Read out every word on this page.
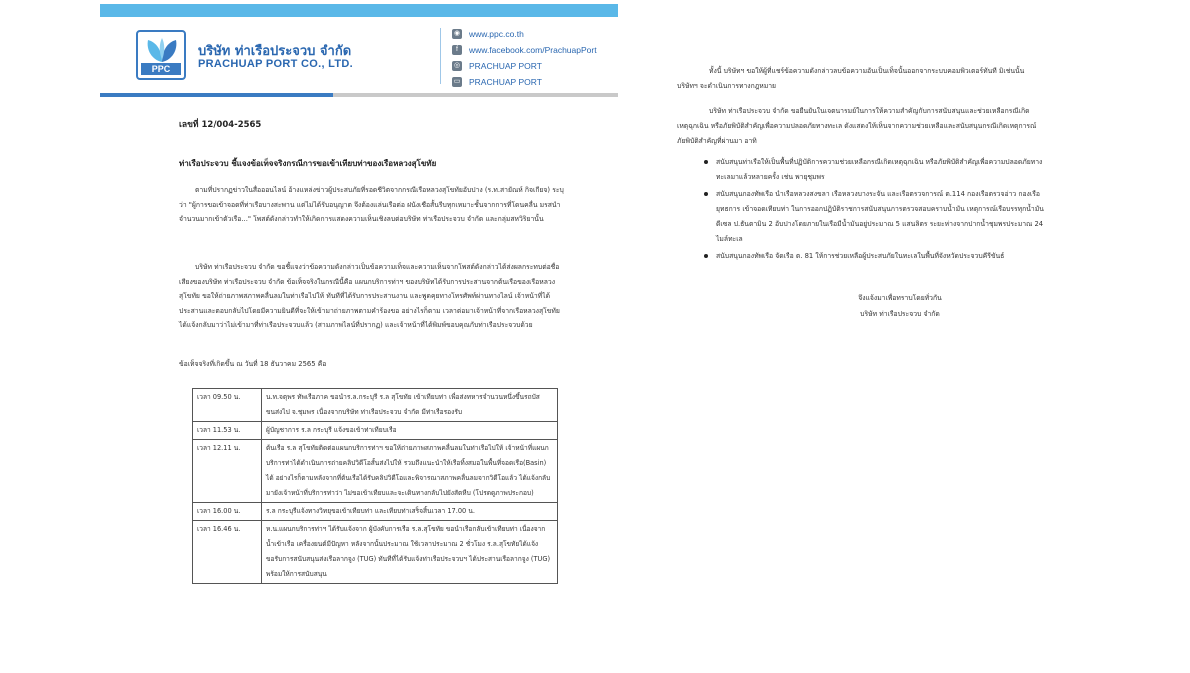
PPC
บริษัท ท่าเรือประจวบ จำกัด
PRACHUAP PORT CO., LTD.
◉ www.ppc.co.th
f	www.facebook.com/PrachuapPort
◎ PRACHUAP PORT
▭ PRACHUAP PORT
เลขที่ 12/004-2565
ท่าเรือประจวบ ชี้แจงข้อเท็จจริงกรณีการขอเข้าเทียบท่าของเรือหลวงสุโขทัย
ตามที่ปรากฏข่าวในสื่อออนไลน์ อ้างแหล่งข่าวผู้ประสบภัยที่รอดชีวิตจากกรณีเรือหลวงสุโขทัยอับปาง (ร.ท.สายัณห์ กิจเกียจ) ระบุว่า "ผู้การขอเข้าจอดที่ท่าเรือบางสะพาน แต่ไม่ได้รับอนุญาต จึงต้องแล่นเรือต่อ ฝนังเชือสั้นรีบทุกเหมาะชั้นจากการที่โดนคลื่น มรสนำจำนวนมากเข้าตัวเรือ..." โพสต์ดังกล่าวทำให้เกิดการแสดงความเห็นเชิงลบต่อบริษัท ท่าเรือประจวบ จำกัด และกลุ่มสหวิริยานั้น
บริษัท ท่าเรือประจวบ จำกัด ขอชี้แจงว่าข้อความดังกล่าวเป็นข้อความเท็จและความเห็นจากโพสต์ดังกล่าวได้ส่งผลกระทบต่อชื่อเสียงของบริษัท ท่าเรือประจวบ จำกัด ข้อเท็จจริงในกรณีนี้คือ แผนกบริการท่าฯ ของบริษัทได้รับการประสานจากต้นเรือของเรือหลวงสุโขทัย ขอให้ถ่ายภาพสภาพคลื่นลมในท่าเรือไปให้ ทันทีที่ได้รับการประสานงาน และพูดคุยทางโทรศัพท์ผ่านทางไลน์ เจ้าหน้าที่ได้ประสานและตอบกลับไปโดยมีความยินดีที่จะให้เข้ามาถ่ายภาพตามคำร้องขอ อย่างไรก็ตาม เวลาต่อมาเจ้าหน้าที่จากเรือหลวงสุโขทัย ได้แจ้งกลับมาว่าไม่เข้ามาที่ท่าเรือประจวบแล้ว (สามภาพไลน์ที่ปรากฏ) และเจ้าหน้าที่ได้พิมพ์ขอบคุณกับท่าเรือประจวบด้วย
ข้อเท็จจริงที่เกิดขึ้น ณ วันที่ 18 ธันวาคม 2565 คือ
เวลา 09.50 น.	น.ท.จตุพร ทัพเรือภาค ขอนำร.ล.กระบุรี ร.ล สุโขทัย เข้าเทียบท่า เพื่อส่งทหารจำนวนหนึ่งขึ้นรถบัสขนส่งไป จ.ชุมพร เนื่องจากบริษัท ท่าเรือประจวบ จำกัด มีท่าเรือรองรับ
เวลา 11.53 น.	ผู้บัญชาการ ร.ล กระบุรี แจ้งขอเข้าท่าเทียบเรือ
เวลา 12.11 น.	ต้นเรือ ร.ล สุโขทัยติดต่อแผนกบริการท่าฯ ขอให้ถ่ายภาพสภาพคลื่นลมในท่าเรือไปให้ เจ้าหน้าที่แผนกบริการท่าได้ดำเนินการถ่ายคลิปวิดีโอสั้นส่งไปให้ รวมถึงแนะนำให้เรือทิ้งสมอในพื้นที่จอดเรือ(Basin) ได้ อย่างไรก็ตามหลังจากที่ต้นเรือได้รับคลิปวิดีโอและพิจารณาสภาพคลื่นลมจากวิดีโอแล้ว ได้แจ้งกลับมายังเจ้าหน้าที่บริการท่าว่า ไม่ขอเข้าเทียบและจะเดินทางกลับไปยังสัตหีบ (โปรดดูภาพประกอบ)
เวลา 16.00 น.	ร.ล กระบุรีแจ้งทางวิทยุขอเข้าเทียบท่า และเทียบท่าเสร็จสิ้นเวลา 17.00 น.
เวลา 16.46 น.	ห.น.แผนกบริการท่าฯ ได้รับแจ้งจาก ผู้บังคับการเรือ ร.ล.สุโขทัย ขอนำเรือกลับเข้าเทียบท่า เนื่องจากน้ำเข้าเรือ เครื่องยนต์มีปัญหา หลังจากนั้นประมาณ ใช้เวลาประมาณ 2 ชั่วโมง ร.ล.สุโขทัยได้แจ้งขอรับการสนับสนุนส่งเรือลากจูง (TUG) ทันทีที่ได้รับแจ้งท่าเรือประจวบฯ ได้ประสานเรือลากจูง (TUG) พร้อมให้การสนับสนุน
ทั้งนี้ บริษัทฯ ขอให้ผู้ที่แชร์ข้อความดังกล่าวลบข้อความอันเป็นเท็จนั้นออกจากระบบคอมพิวเตอร์ทันที มิเช่นนั้น บริษัทฯ จะดำเนินการทางกฎหมาย
บริษัท ท่าเรือประจวบ จำกัด ขอยืนยันในเจตนารมย์ในการให้ความสำคัญกับการสนับสนุนและช่วยเหลือกรณีเกิดเหตุฉุกเฉิน หรือภัยพิบัติสำคัญเพื่อความปลอดภัยทางทะเล ดังแสดงให้เห็นจากความช่วยเหลือและสนับสนุนกรณีเกิดเหตุการณ์ภัยพิบัติสำคัญที่ผ่านมา อาทิ
สนับสนุนท่าเรือให้เป็นพื้นที่ปฏิบัติการความช่วยเหลือกรณีเกิดเหตุฉุกเฉิน หรือภัยพิบัติสำคัญเพื่อความปลอดภัยทางทะเลมาแล้วหลายครั้ง เช่น พายุชุมพร
สนับสนุนกองทัพเรือ นำเรือหลวงสงขลา เรือหลวงบางระจัน และเรือตรวจการณ์ ต.114 กองเรือตรวจอ่าว กองเรือยุทธการ เข้าจอดเทียบท่า ในการออกปฏิบัติราชการสนับสนุนการตรวจสอบคราบน้ำมัน เหตุการณ์เรือบรรทุกน้ำมันดีเซล ป.ธันตามิน 2 อับปางโดยภายในเรือมีน้ำมันอยู่ประมาณ 5 แสนลิตร ระยะห่างจากปากน้ำชุมพรประมาณ 24 ไมล์ทะเล
สนับสนุนกองทัพเรือ จัดเรือ ต. 81 ให้การช่วยเหลือผู้ประสบภัยในทะเลในพื้นที่จังหวัดประจวบคีรีขันธ์
จึงแจ้งมาเพื่อทราบโดยทั่วกัน
บริษัท ท่าเรือประจวบ จำกัด
